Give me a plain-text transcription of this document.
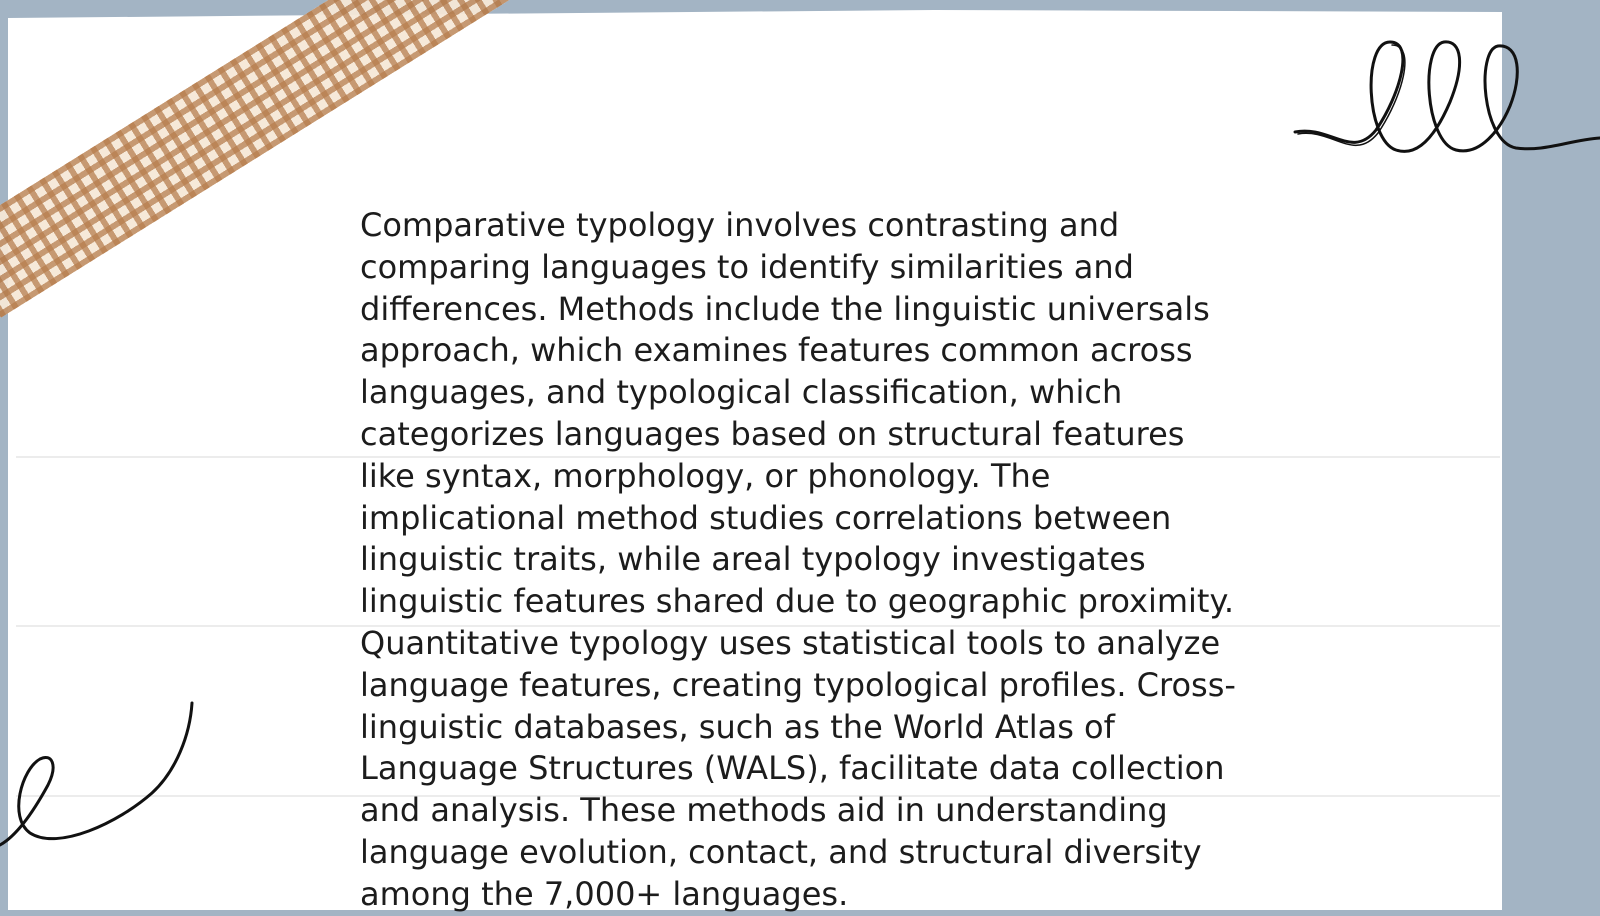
Comparative typology involves contrasting and comparing languages to identify similarities and differences. Methods include the linguistic universals approach, which examines features common across languages, and typological classification, which categorizes languages based on structural features like syntax, morphology, or phonology. The implicational method studies correlations between linguistic traits, while areal typology investigates linguistic features shared due to geographic proximity. Quantitative typology uses statistical tools to analyze language features, creating typological profiles. Cross-linguistic databases, such as the World Atlas of Language Structures (WALS), facilitate data collection and analysis. These methods aid in understanding language evolution, contact, and structural diversity among the 7,000+ languages.
